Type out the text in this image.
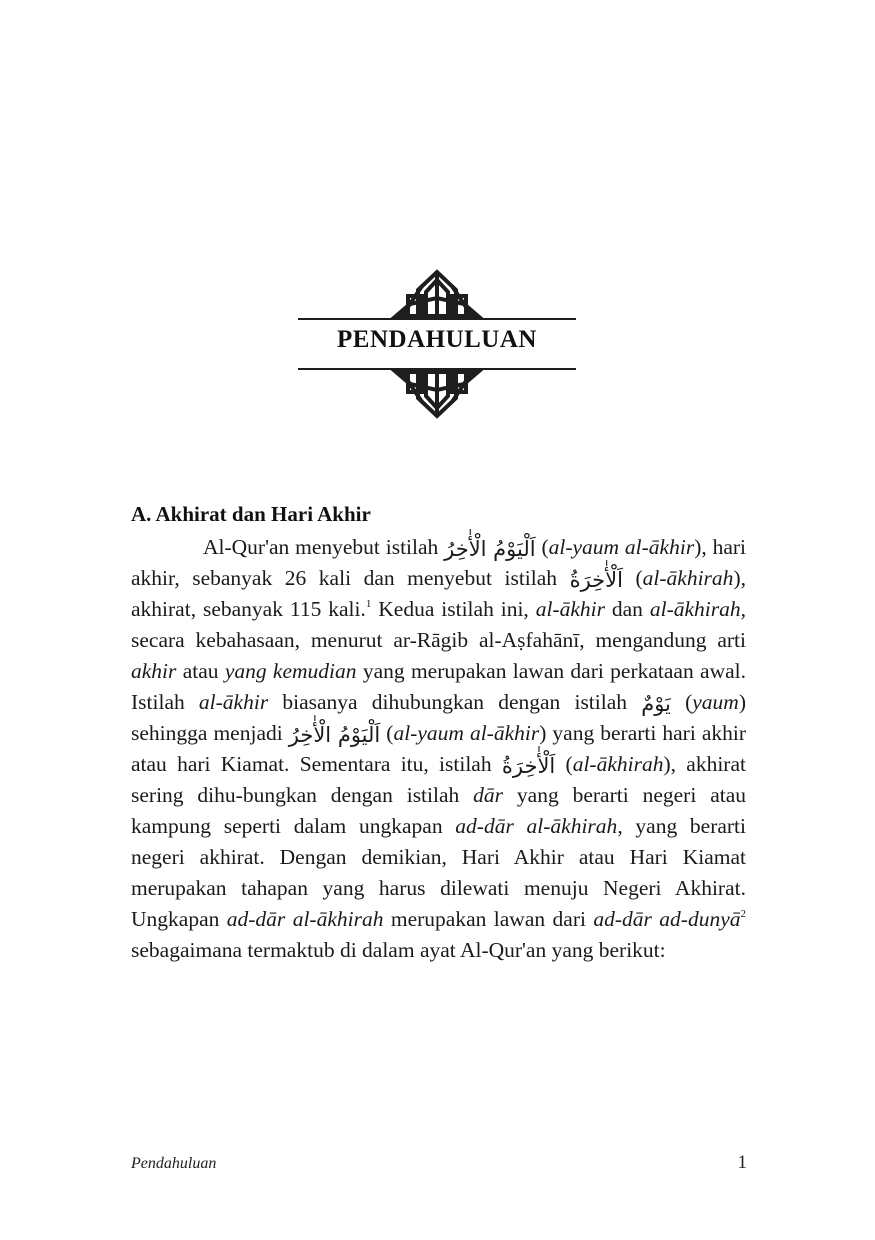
PENDAHULUAN
A. Akhirat dan Hari Akhir

Al-Qur'an menyebut istilah اَلْيَوْمُ الْأٰخِرُ (al-yaum al-ākhir), hari akhir, sebanyak 26 kali dan menyebut istilah اَلْأٰخِرَةُ (al-ākhirah), akhirat, sebanyak 115 kali.$^1$ Kedua istilah ini, al-ākhir dan al-ākhirah, secara kebahasaan, menurut ar-Rāgib al-Aṣfahānī, mengandung arti akhir atau yang kemudian yang merupakan lawan dari perkataan awal. Istilah al-ākhir biasanya dihubungkan dengan istilah يَوْمٌ (yaum) sehingga menjadi اَلْيَوْمُ الْأٰخِرُ (al-yaum al-ākhir) yang berarti hari akhir atau hari Kiamat. Sementara itu, istilah اَلْأٰخِرَةُ (al-ākhirah), akhirat sering dihu-bungkan dengan istilah dār yang berarti negeri atau kampung seperti dalam ungkapan ad-dār al-ākhirah, yang berarti negeri akhirat. Dengan demikian, Hari Akhir atau Hari Kiamat merupakan tahapan yang harus dilewati menuju Negeri Akhirat. Ungkapan ad-dār al-ākhirah merupakan lawan dari ad-dār ad-dunyā$^2$ sebagaimana termaktub di dalam ayat Al-Qur'an yang berikut:

Pendahuluan	1
